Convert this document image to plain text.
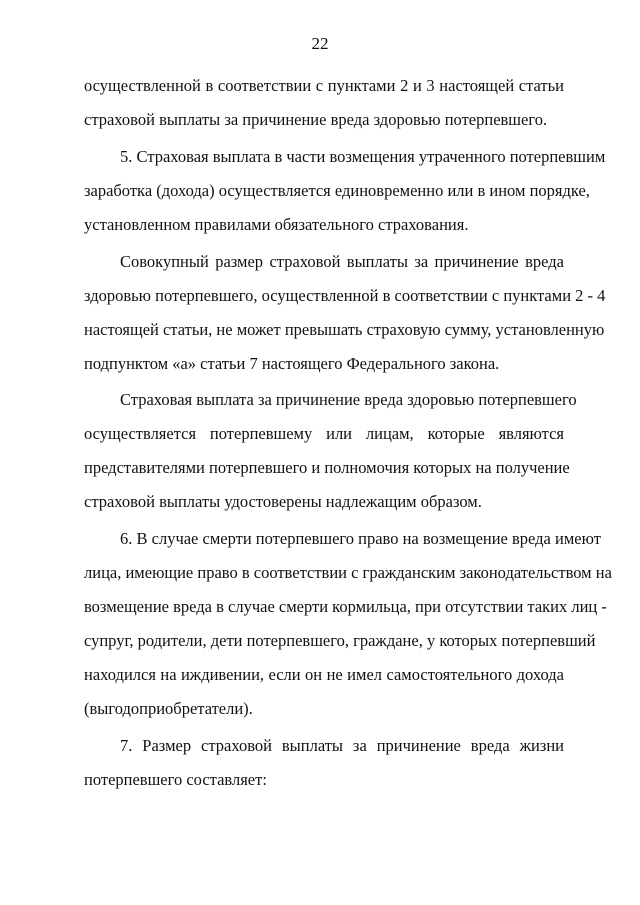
22
осуществленной в соответствии с пунктами 2 и 3 настоящей статьи
страховой выплаты за причинение вреда здоровью потерпевшего.
5. Страховая выплата в части возмещения утраченного потерпевшим
заработка (дохода) осуществляется единовременно или в ином порядке,
установленном правилами обязательного страхования.
Совокупный размер страховой выплаты за причинение вреда
здоровью потерпевшего, осуществленной в соответствии с пунктами 2 - 4
настоящей статьи, не может превышать страховую сумму, установленную
подпунктом «а» статьи 7 настоящего Федерального закона.
Страховая выплата за причинение вреда здоровью потерпевшего
осуществляется потерпевшему или лицам, которые являются
представителями потерпевшего и полномочия которых на получение
страховой выплаты удостоверены надлежащим образом.
6. В случае смерти потерпевшего право на возмещение вреда имеют
лица, имеющие право в соответствии с гражданским законодательством на
возмещение вреда в случае смерти кормильца, при отсутствии таких лиц -
супруг, родители, дети потерпевшего, граждане, у которых потерпевший
находился на иждивении, если он не имел самостоятельного дохода
(выгодоприобретатели).
7. Размер страховой выплаты за причинение вреда жизни
потерпевшего составляет:
